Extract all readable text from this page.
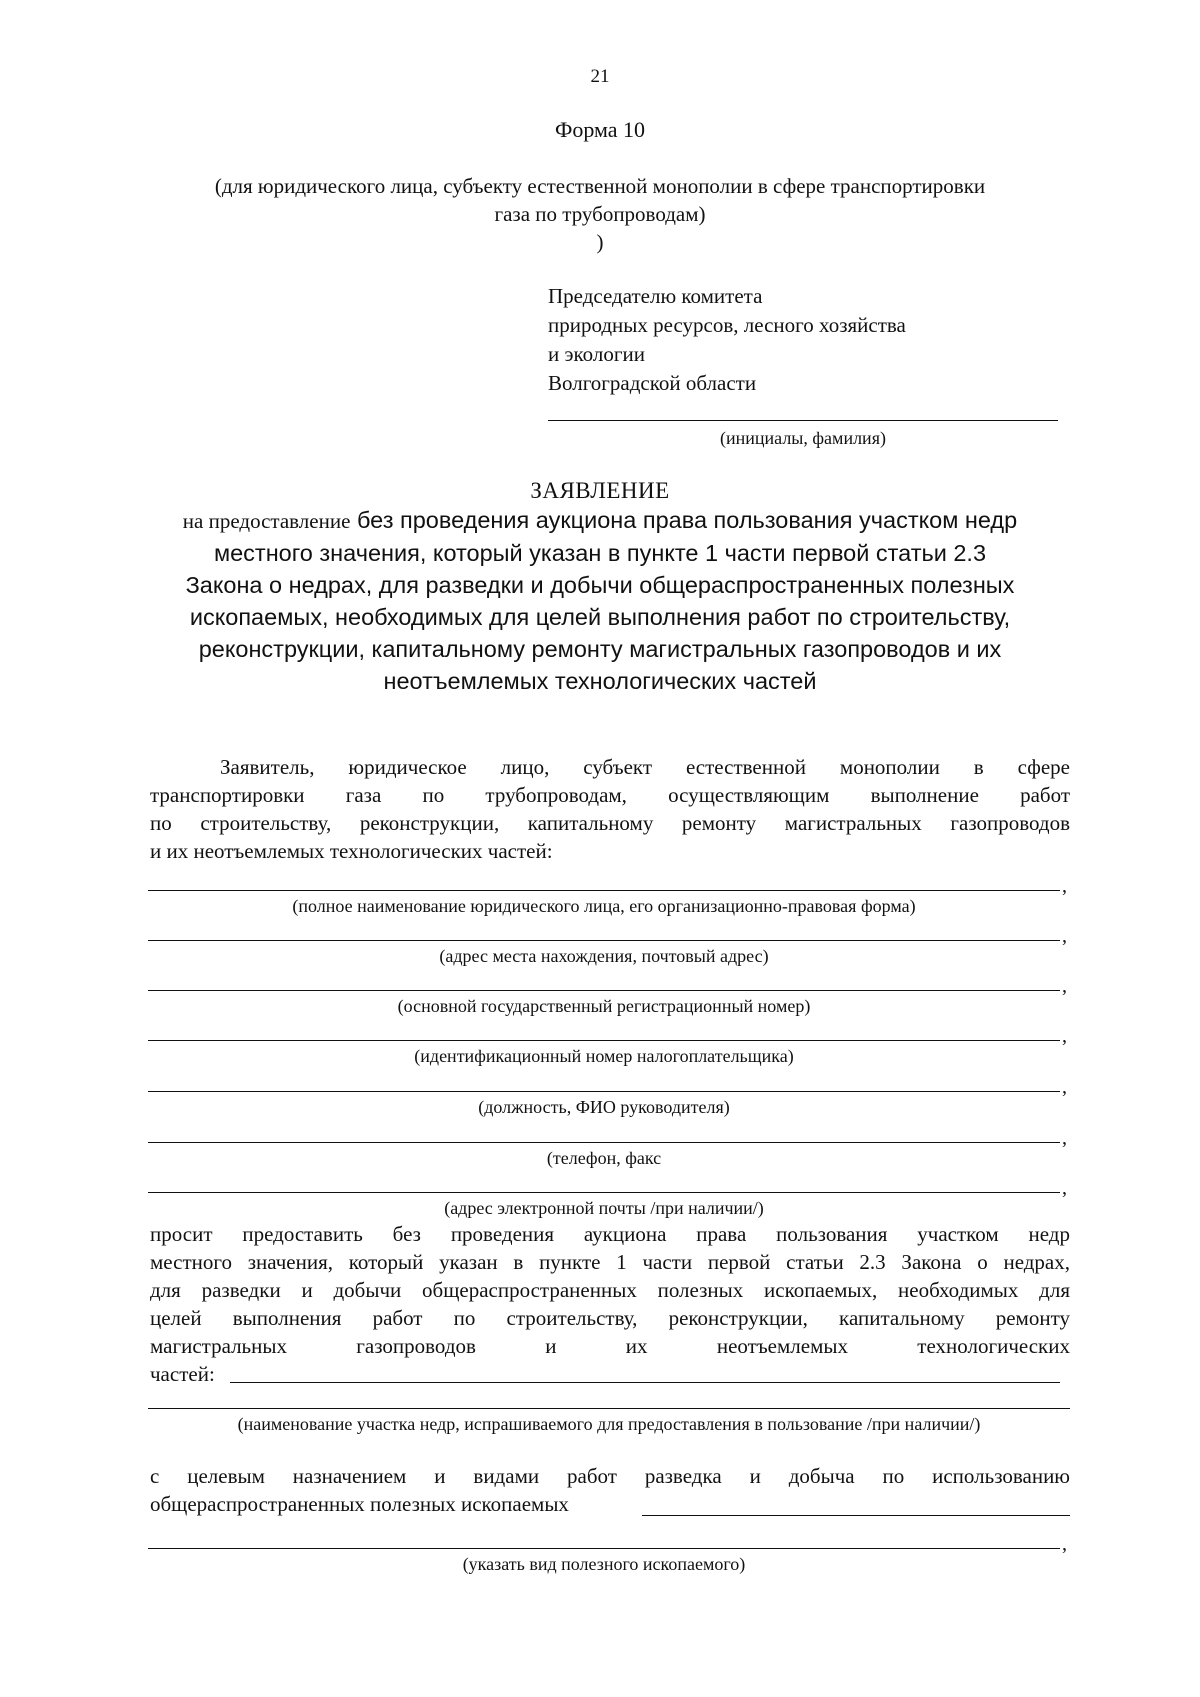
21
Форма 10
(для юридического лица, субъекту естественной монополии в сфере транспортировки
газа по трубопроводам)
)
Председателю комитета
природных ресурсов, лесного хозяйства
и экологии
Волгоградской области
(инициалы, фамилия)
ЗАЯВЛЕНИЕ
на предоставление без проведения аукциона права пользования участком недр
местного значения, который указан в пункте 1 части первой статьи 2.3
Закона о недрах, для разведки и добычи общераспространенных полезных
ископаемых, необходимых для целей выполнения работ по строительству,
реконструкции, капитальному ремонту магистральных газопроводов и их
неотъемлемых технологических частей
Заявитель, юридическое лицо, субъект естественной монополии в сфере
транспортировки газа по трубопроводам, осуществляющим выполнение работ
по строительству, реконструкции, капитальному ремонту магистральных газопроводов
и их неотъемлемых технологических частей:
,
(полное наименование юридического лица, его организационно-правовая форма)
,
(адрес места нахождения, почтовый адрес)
,
(основной государственный регистрационный номер)
,
(идентификационный номер налогоплательщика)
,
(должность, ФИО руководителя)
,
(телефон, факс
,
(адрес электронной почты /при наличии/)
просит предоставить без проведения аукциона права пользования участком недр
местного значения, который указан в пункте 1 части первой статьи 2.3 Закона о недрах,
для разведки и добычи общераспространенных полезных ископаемых, необходимых для
целей выполнения работ по строительству, реконструкции, капитальному ремонту
магистральных газопроводов и их неотъемлемых технологических
частей:
(наименование участка недр, испрашиваемого для предоставления в пользование /при наличии/)
с целевым назначением и видами работ разведка и добыча по использованию
общераспространенных полезных ископаемых
,
(указать вид полезного ископаемого)
